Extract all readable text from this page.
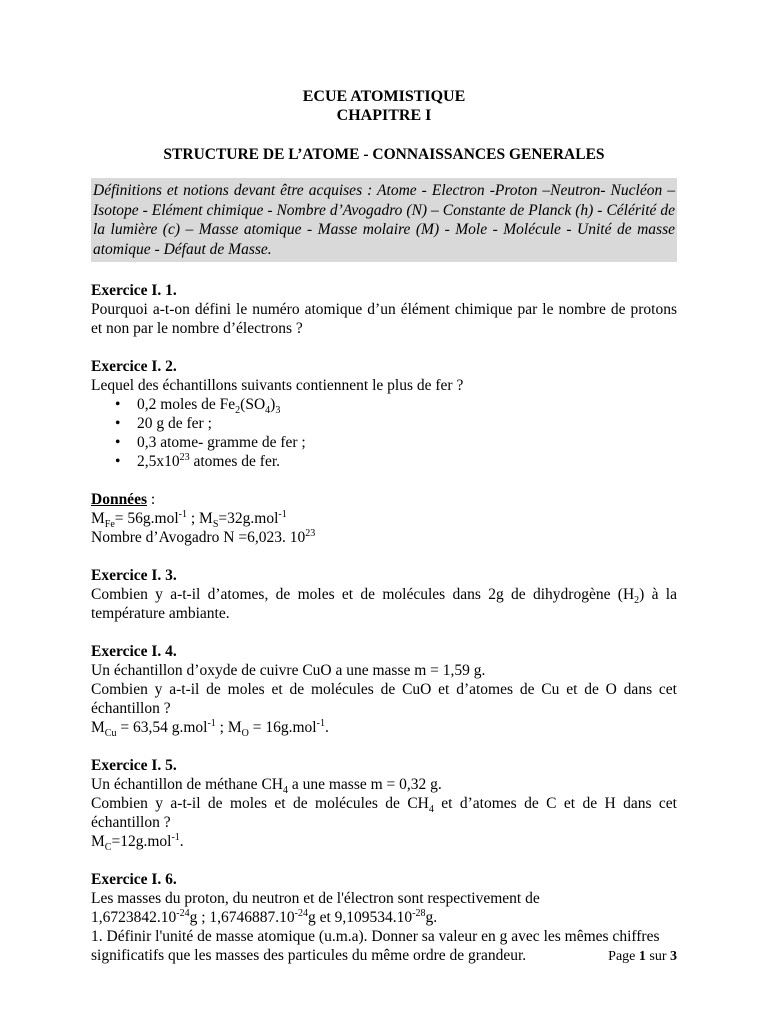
ECUE ATOMISTIQUE

CHAPITRE I

STRUCTURE DE L’ATOME - CONNAISSANCES GENERALES

Définitions et notions devant être acquises : Atome - Electron -Proton –Neutron- Nucléon – Isotope - Elément chimique - Nombre d’Avogadro (N) – Constante de Planck (h) - Célérité de la lumière (c) – Masse atomique - Masse molaire (M) - Mole - Molécule - Unité de masse atomique - Défaut de Masse.

Exercice I. 1.

Pourquoi a-t-on défini le numéro atomique d’un élément chimique par le nombre de protons et non par le nombre d’électrons ?

Exercice I. 2.

Lequel des échantillons suivants contiennent le plus de fer ?

• 0,2 moles de $Fe_2(SO_4)_3$
• 20 g de fer ;
• 0,3 atome- gramme de fer ;
• $2,5x10^{23}$ atomes de fer.

Données :

$M_{Fe}= 56g.mol^{-1}$ ; $M_S=32g.mol^{-1}$

Nombre d’Avogadro N =6,023. $10^{23}$

Exercice I. 3.

Combien y a-t-il d’atomes, de moles et de molécules dans 2g de dihydrogène $(H_2)$ à la température ambiante.

Exercice I. 4.

Un échantillon d’oxyde de cuivre CuO a une masse m = 1,59 g.

Combien y a-t-il de moles et de molécules de CuO et d’atomes de Cu et de O dans cet échantillon ?

$M_{Cu} = 63,54$ g.mol$^{-1}$ ; $M_O = 16g.mol^{-1}$.

Exercice I. 5.

Un échantillon de méthane $CH_4$ a une masse m = 0,32 g.

Combien y a-t-il de moles et de molécules de $CH_4$ et d’atomes de C et de H dans cet échantillon ?

$M_C=12g.mol^{-1}$.

Exercice I. 6.

Les masses du proton, du neutron et de l'électron sont respectivement de

$1,6723842.10^{-24}g$ ; $1,6746887.10^{-24}g$ et $9,109534.10^{-28}g$.

1. Définir l'unité de masse atomique (u.m.a). Donner sa valeur en g avec les mêmes chiffres significatifs que les masses des particules du même ordre de grandeur.	Page 1 sur 3
